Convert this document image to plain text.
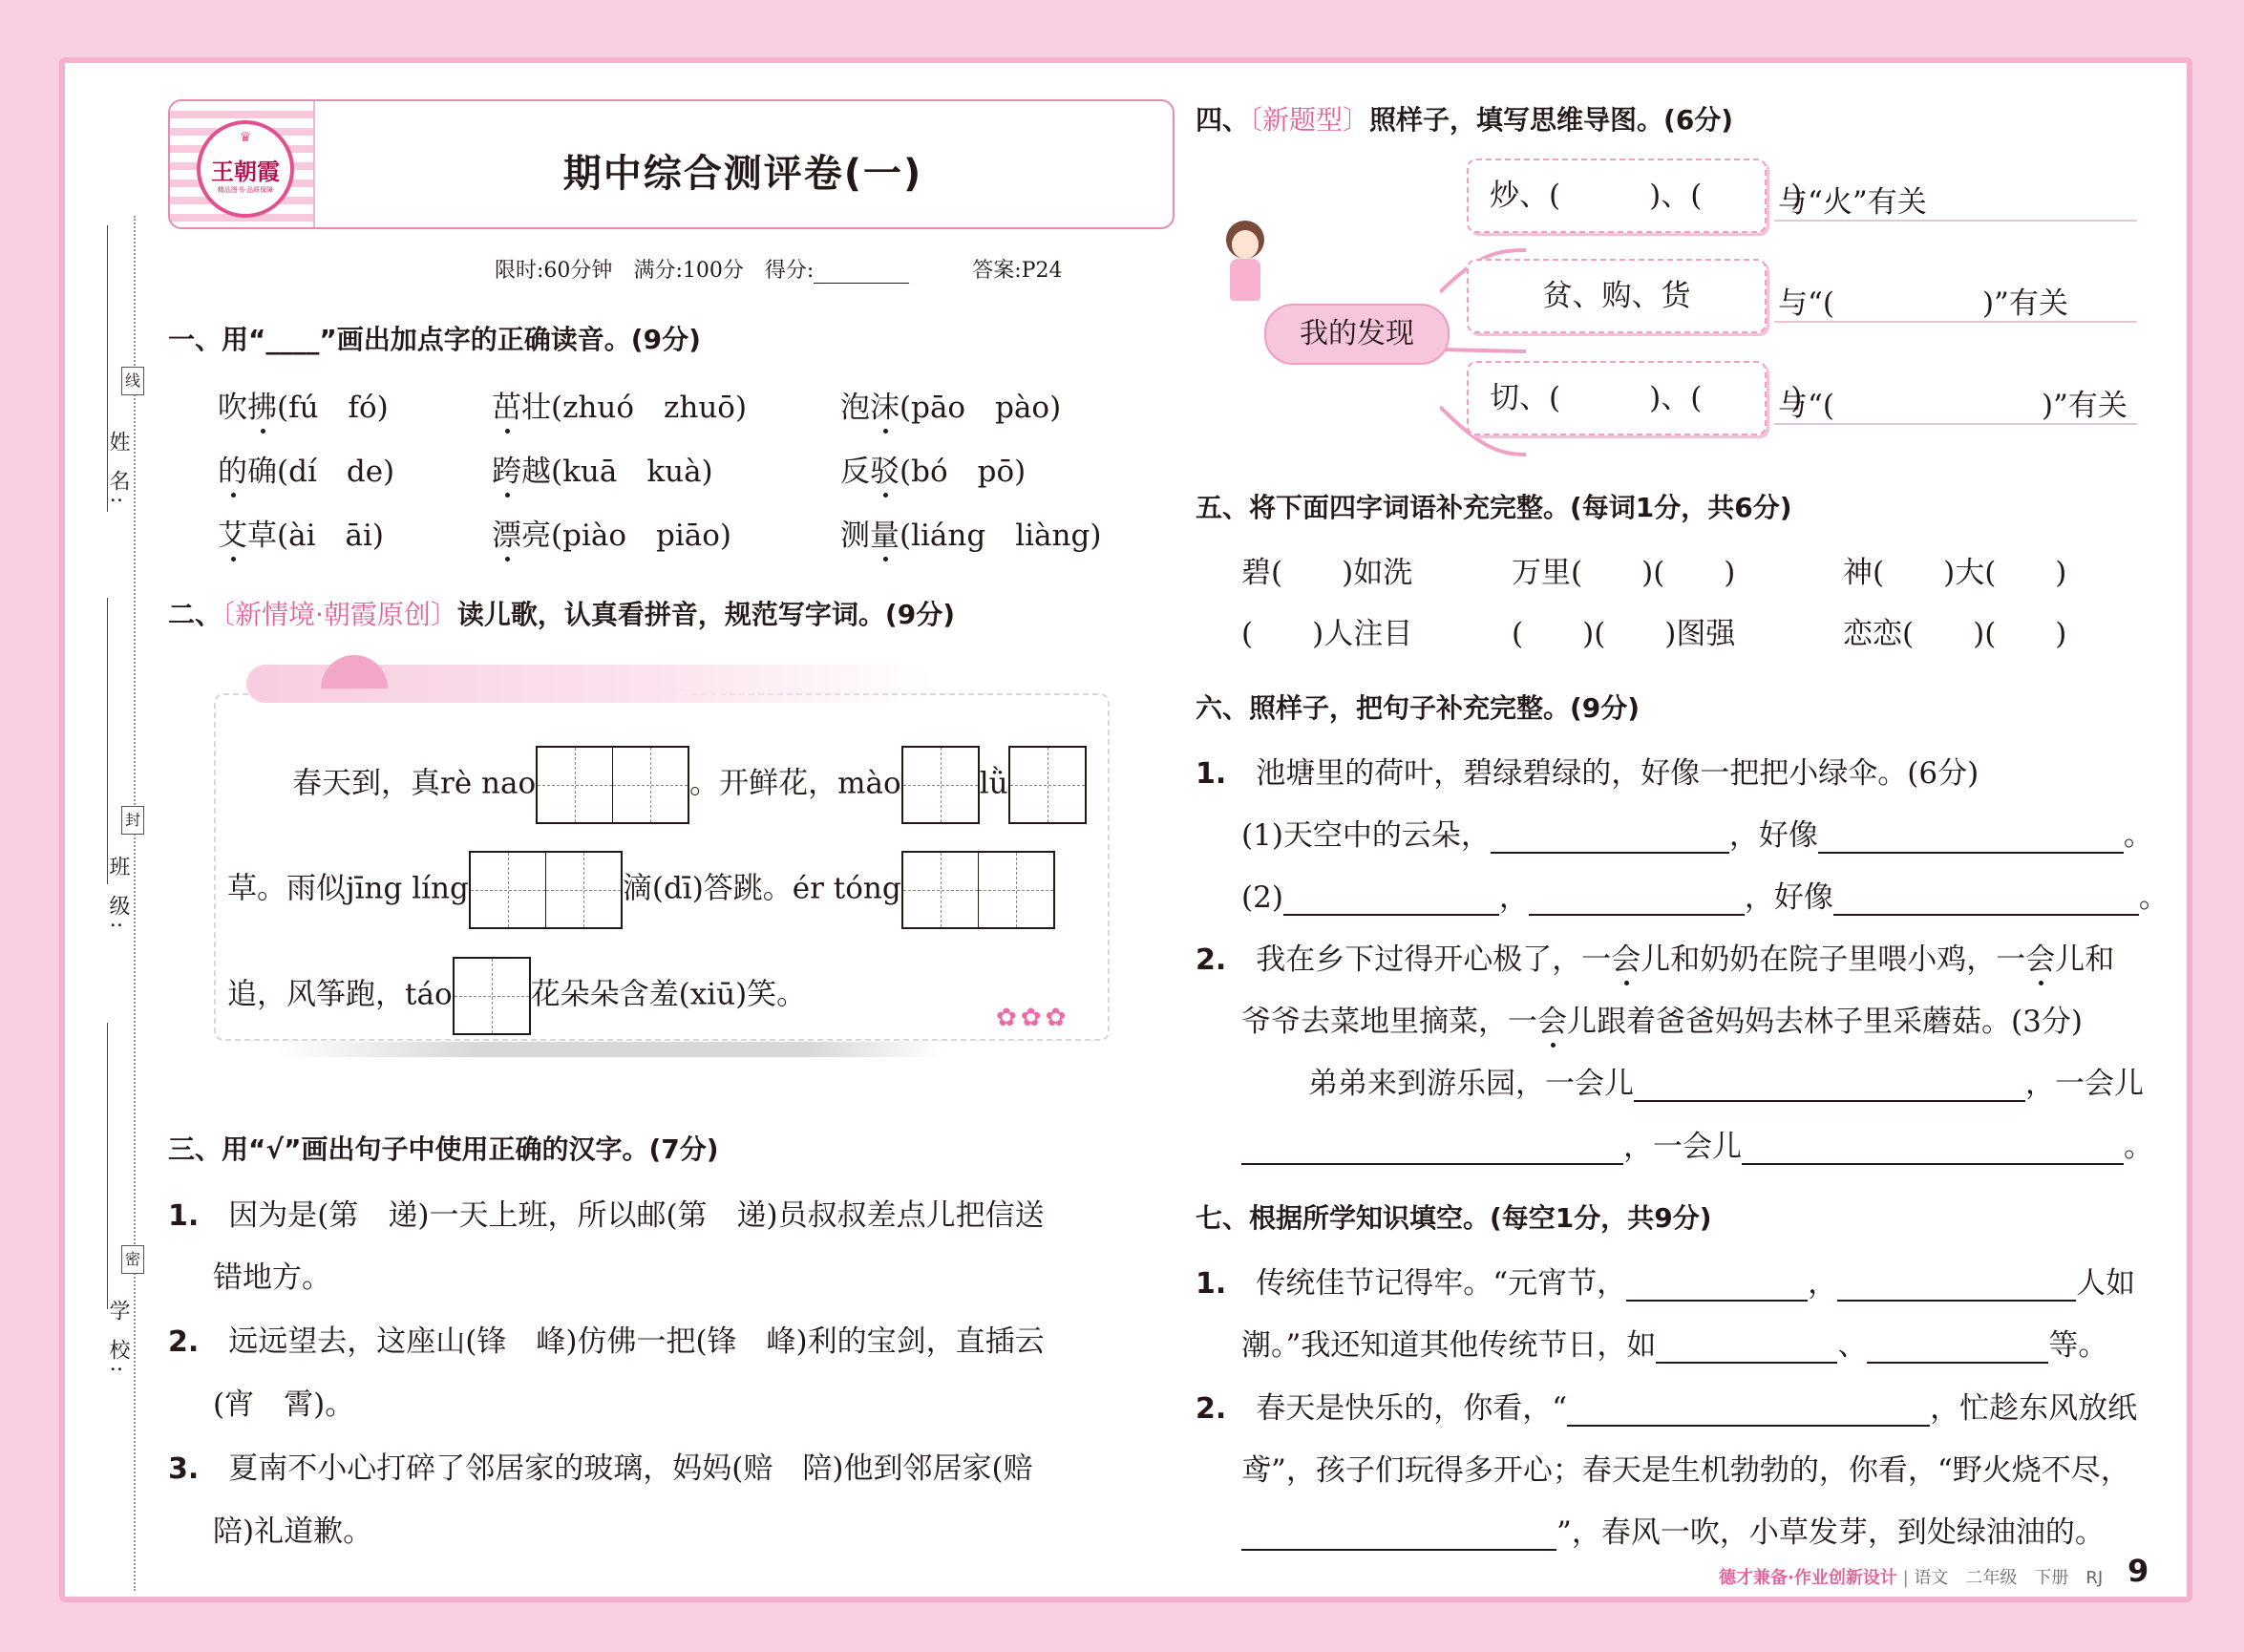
姓 名:
班 级:
学 校:
线
封
密
♛
王朝霞
精品图书·品质保障	期中综合测评卷(一)
限时:60分钟　 满分:100分　 得分:　　　	答案:P24
一、用“____”画出加点字的正确读音。(9分)
吹拂(fú　fó)	茁壮(zhuó　zhuō)	泡沫(pāo　pào)
的确(dí　de)	跨越(kuā　kuà)	反驳(bó　pō)
艾草(ài　āi)	漂亮(piào　piāo)	测量(liáng　liàng)
二、〔新情境·朝霞原创〕读儿歌，认真看拼音，规范写字词。(9分)
✿✿✿
春天到，真rè nao	。开鲜花，mào	lǜ
草。雨似jīng líng	滴(dī)答跳。ér tóng
追，风筝跑，táo	花朵朵含羞(xiū)笑。
三、用“√”画出句子中使用正确的汉字。(7分)
1.　 因为是(第　递)一天上班，所以邮(第　递)员叔叔差点儿把信送
错地方。
2.　 远远望去，这座山(锋　峰)仿佛一把(锋　峰)利的宝剑，直插云
(宵　霄)。
3.　 夏南不小心打碎了邻居家的玻璃，妈妈(赔　陪)他到邻居家(赔
陪)礼道歉。
四、〔新题型〕照样子，填写思维导图。(6分)
我的发现
炒、(　　　)、(　　　)
贫、购、货
切、(　　　)、(　　　)
与“火”有关
与“(　　　　　)”有关
与“(　　　　　　　)”有关
五、将下面四字词语补充完整。(每词1分，共6分)
碧(　　)如洗	万里(　　)(　　)	神(　　)大(　　)
(　　)人注目	(　　)(　　)图强	恋恋(　　)(　　)
六、照样子，把句子补充完整。(9分)
1.　 池塘里的荷叶，碧绿碧绿的，好像一把把小绿伞。(6分)
(1)天空中的云朵，	，好像	。
(2)	，	，好像	。
2.　 我在乡下过得开心极了，一会儿和奶奶在院子里喂小鸡，一会儿和
爷爷去菜地里摘菜，一会儿跟着爸爸妈妈去林子里采蘑菇。(3分)
弟弟来到游乐园，一会儿	，一会儿
，一会儿	。
七、根据所学知识填空。(每空1分，共9分)
1.　 传统佳节记得牢。“元宵节，	，	人如
潮。”我还知道其他传统节日，如	、	等。
2.　 春天是快乐的，你看，“	，忙趁东风放纸
鸢”，孩子们玩得多开心；春天是生机勃勃的，你看，“野火烧不尽，
”，春风一吹，小草发芽，到处绿油油的。
德才兼备·作业创新设计 | 语文　二年级　下册　RJ 9
